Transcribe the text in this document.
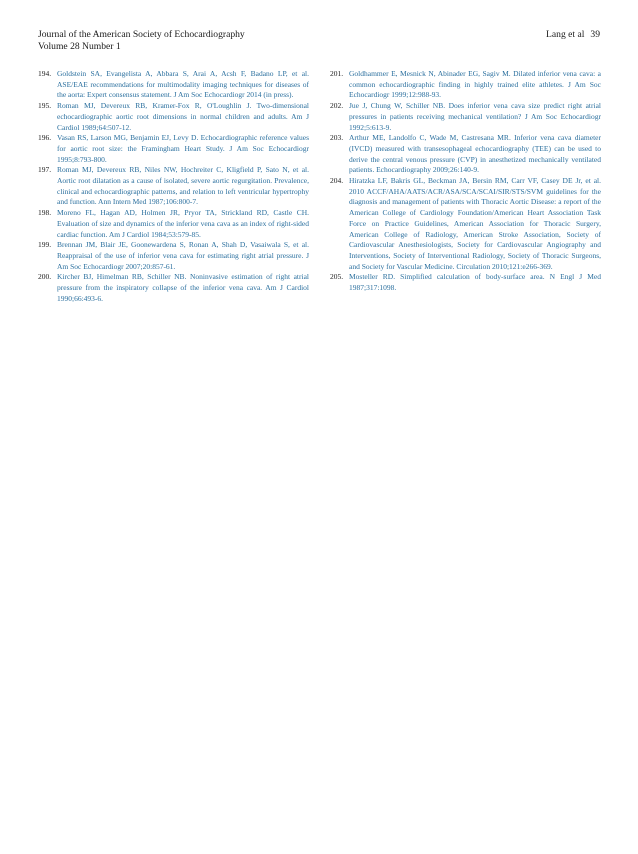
Journal of the American Society of Echocardiography
Volume 28 Number 1
Lang et al 39
194. Goldstein SA, Evangelista A, Abbara S, Arai A, Acsh F, Badano LP, et al. ASE/EAE recommendations for multimodality imaging techniques for diseases of the aorta: Expert consensus statement. J Am Soc Echocardiogr 2014 (in press).
195. Roman MJ, Devereux RB, Kramer-Fox R, O'Loughlin J. Two-dimensional echocardiographic aortic root dimensions in normal children and adults. Am J Cardiol 1989;64:507-12.
196. Vasan RS, Larson MG, Benjamin EJ, Levy D. Echocardiographic reference values for aortic root size: the Framingham Heart Study. J Am Soc Echocardiogr 1995;8:793-800.
197. Roman MJ, Devereux RB, Niles NW, Hochreiter C, Kligfield P, Sato N, et al. Aortic root dilatation as a cause of isolated, severe aortic regurgitation. Prevalence, clinical and echocardiographic patterns, and relation to left ventricular hypertrophy and function. Ann Intern Med 1987;106:800-7.
198. Moreno FL, Hagan AD, Holmen JR, Pryor TA, Strickland RD, Castle CH. Evaluation of size and dynamics of the inferior vena cava as an index of right-sided cardiac function. Am J Cardiol 1984;53:579-85.
199. Brennan JM, Blair JE, Goonewardena S, Ronan A, Shah D, Vasaiwala S, et al. Reappraisal of the use of inferior vena cava for estimating right atrial pressure. J Am Soc Echocardiogr 2007;20:857-61.
200. Kircher BJ, Himelman RB, Schiller NB. Noninvasive estimation of right atrial pressure from the inspiratory collapse of the inferior vena cava. Am J Cardiol 1990;66:493-6.
201. Goldhammer E, Mesnick N, Abinader EG, Sagiv M. Dilated inferior vena cava: a common echocardiographic finding in highly trained elite athletes. J Am Soc Echocardiogr 1999;12:988-93.
202. Jue J, Chung W, Schiller NB. Does inferior vena cava size predict right atrial pressures in patients receiving mechanical ventilation? J Am Soc Echocardiogr 1992;5:613-9.
203. Arthur ME, Landolfo C, Wade M, Castresana MR. Inferior vena cava diameter (IVCD) measured with transesophageal echocardiography (TEE) can be used to derive the central venous pressure (CVP) in anesthetized mechanically ventilated patients. Echocardiography 2009;26:140-9.
204. Hiratzka LF, Bakris GL, Beckman JA, Bersin RM, Carr VF, Casey DE Jr, et al. 2010 ACCF/AHA/AATS/ACR/ASA/SCA/SCAI/SIR/STS/SVM guidelines for the diagnosis and management of patients with Thoracic Aortic Disease: a report of the American College of Cardiology Foundation/American Heart Association Task Force on Practice Guidelines, American Association for Thoracic Surgery, American College of Radiology, American Stroke Association, Society of Cardiovascular Anesthesiologists, Society for Cardiovascular Angiography and Interventions, Society of Interventional Radiology, Society of Thoracic Surgeons, and Society for Vascular Medicine. Circulation 2010;121:e266-369.
205. Mosteller RD. Simplified calculation of body-surface area. N Engl J Med 1987;317:1098.
